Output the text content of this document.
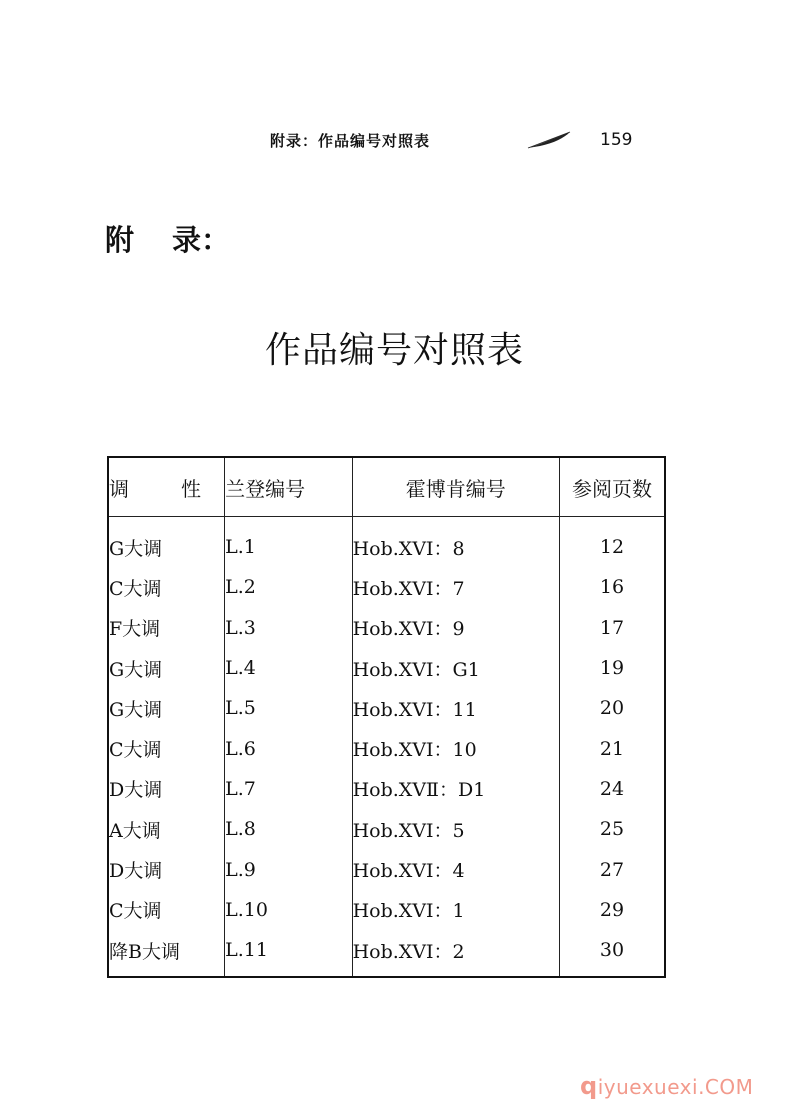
附录：作品编号对照表	159
附 录：
作品编号对照表
调 性	兰登编号	霍博肯编号	参阅页数
G大调	L.1	Hob.XVⅠ：8	12
C大调	L.2	Hob.XVⅠ：7	16
F大调	L.3	Hob.XVⅠ：9	17
G大调	L.4	Hob.XVⅠ：G1	19
G大调	L.5	Hob.XVⅠ：11	20
C大调	L.6	Hob.XVⅠ：10	21
D大调	L.7	Hob.XVⅡ：D1	24
A大调	L.8	Hob.XVⅠ：5	25
D大调	L.9	Hob.XVⅠ：4	27
C大调	L.10	Hob.XVⅠ：1	29
降B大调	L.11	Hob.XVⅠ：2	30
qiyuexuexi.COM
